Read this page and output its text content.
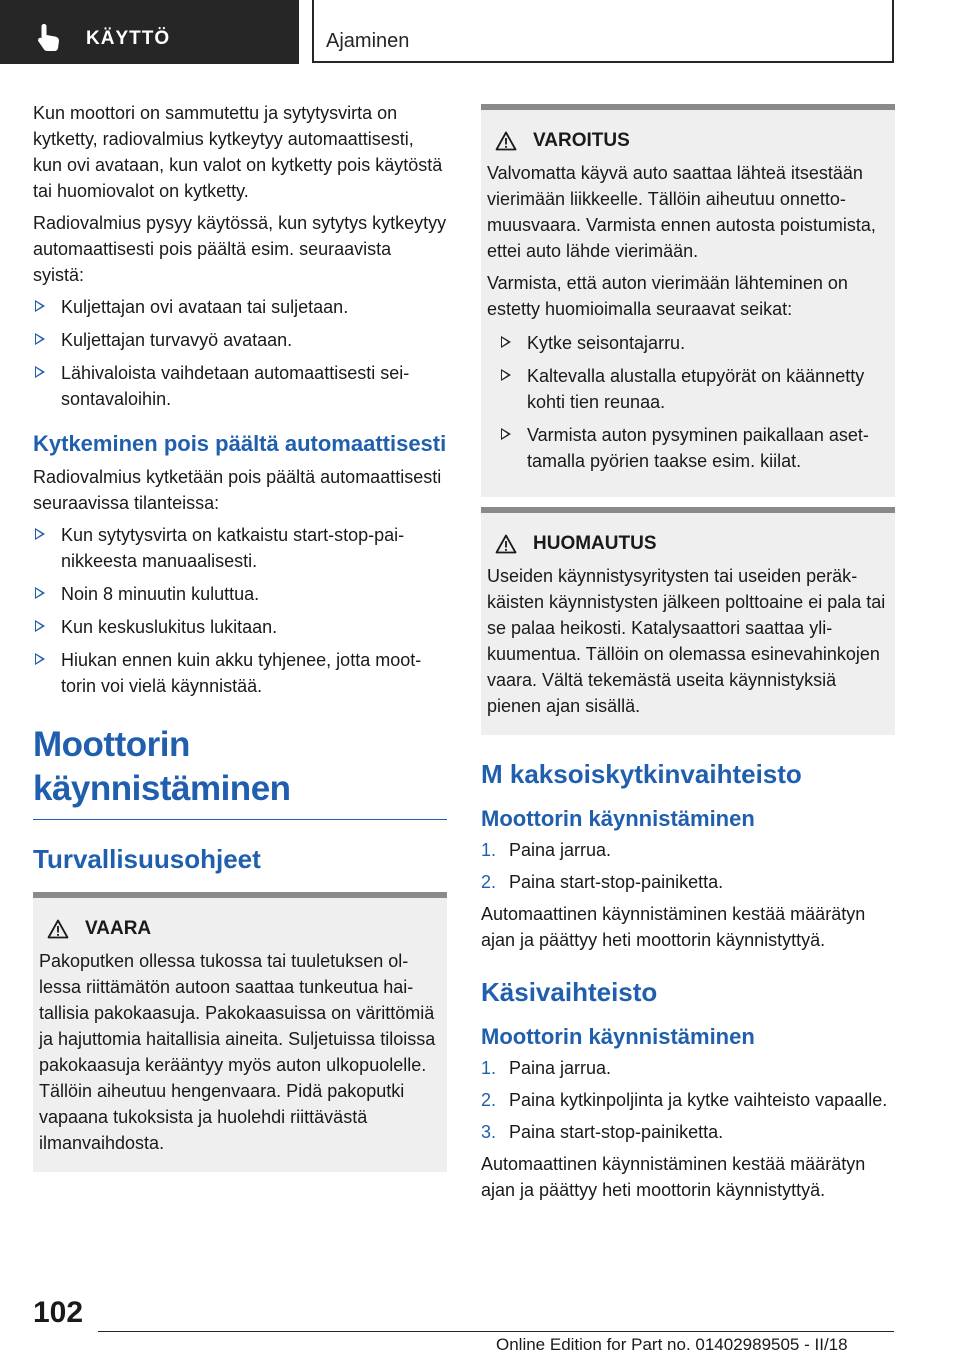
KÄYTTÖ	Ajaminen

Kun moottori on sammutettu ja sytytysvirta on kytketty, radiovalmius kytkeytyy automaattisesti, kun ovi avataan, kun valot on kytketty pois käytöstä tai huomiovalot on kytketty.

Radiovalmius pysyy käytössä, kun sytytys kytkeytyy automaattisesti pois päältä esim. seuraavista syistä:

Kuljettajan ovi avataan tai suljetaan.
Kuljettajan turvavyö avataan.
Lähivaloista vaihdetaan automaattisesti seisontavaloihin.
Kytkeminen pois päältä automaattisesti

Radiovalmius kytketään pois päältä automaattisesti seuraavissa tilanteissa:

Kun sytytysvirta on katkaistu start-stop-painikkeesta manuaalisesti.
Noin 8 minuutin kuluttua.
Kun keskuslukitus lukitaan.
Hiukan ennen kuin akku tyhjenee, jotta moottorin voi vielä käynnistää.
Moottorin käynnistäminen
Turvallisuusohjeet
VAARA

Pakoputken ollessa tukossa tai tuuletuksen ollessa riittämätön autoon saattaa tunkeutua haitallisia pakokaasuja. Pakokaasuissa on värittömiä ja hajuttomia haitallisia aineita. Suljetuissa tiloissa pakokaasuja kerääntyy myös auton ulkopuolelle. Tällöin aiheutuu hengenvaara. Pidä pakoputki vapaana tukoksista ja huolehdi riittävästä ilmanvaihdosta.

VAROITUS

Valvomatta käyvä auto saattaa lähteä itsestään vierimään liikkeelle. Tällöin aiheutuu onnettomuusvaara. Varmista ennen autosta poistumista, ettei auto lähde vierimään.

Varmista, että auton vierimään lähteminen on estetty huomioimalla seuraavat seikat:

Kytke seisontajarru.
Kaltevalla alustalla etupyörät on käännetty kohti tien reunaa.
Varmista auton pysyminen paikallaan asettamalla pyörien taakse esim. kiilat.
HUOMAUTUS

Useiden käynnistysyritysten tai useiden peräkkäisten käynnistysten jälkeen polttoaine ei pala tai se palaa heikosti. Katalysaattori saattaa ylikuumentua. Tällöin on olemassa esinevahinkojen vaara. Vältä tekemästä useita käynnistyksiä pienen ajan sisällä.

M kaksoiskytkinvaihteisto
Moottorin käynnistäminen
1. Paina jarrua.
2. Paina start-stop-painiketta.

Automaattinen käynnistäminen kestää määrätyn ajan ja päättyy heti moottorin käynnistyttyä.

Käsivaihteisto
Moottorin käynnistäminen
1. Paina jarrua.
2. Paina kytkinpoljinta ja kytke vaihteisto vapaalle.
3. Paina start-stop-painiketta.

Automaattinen käynnistäminen kestää määrätyn ajan ja päättyy heti moottorin käynnistyttyä.

102
Online Edition for Part no. 01402989505 - II/18
